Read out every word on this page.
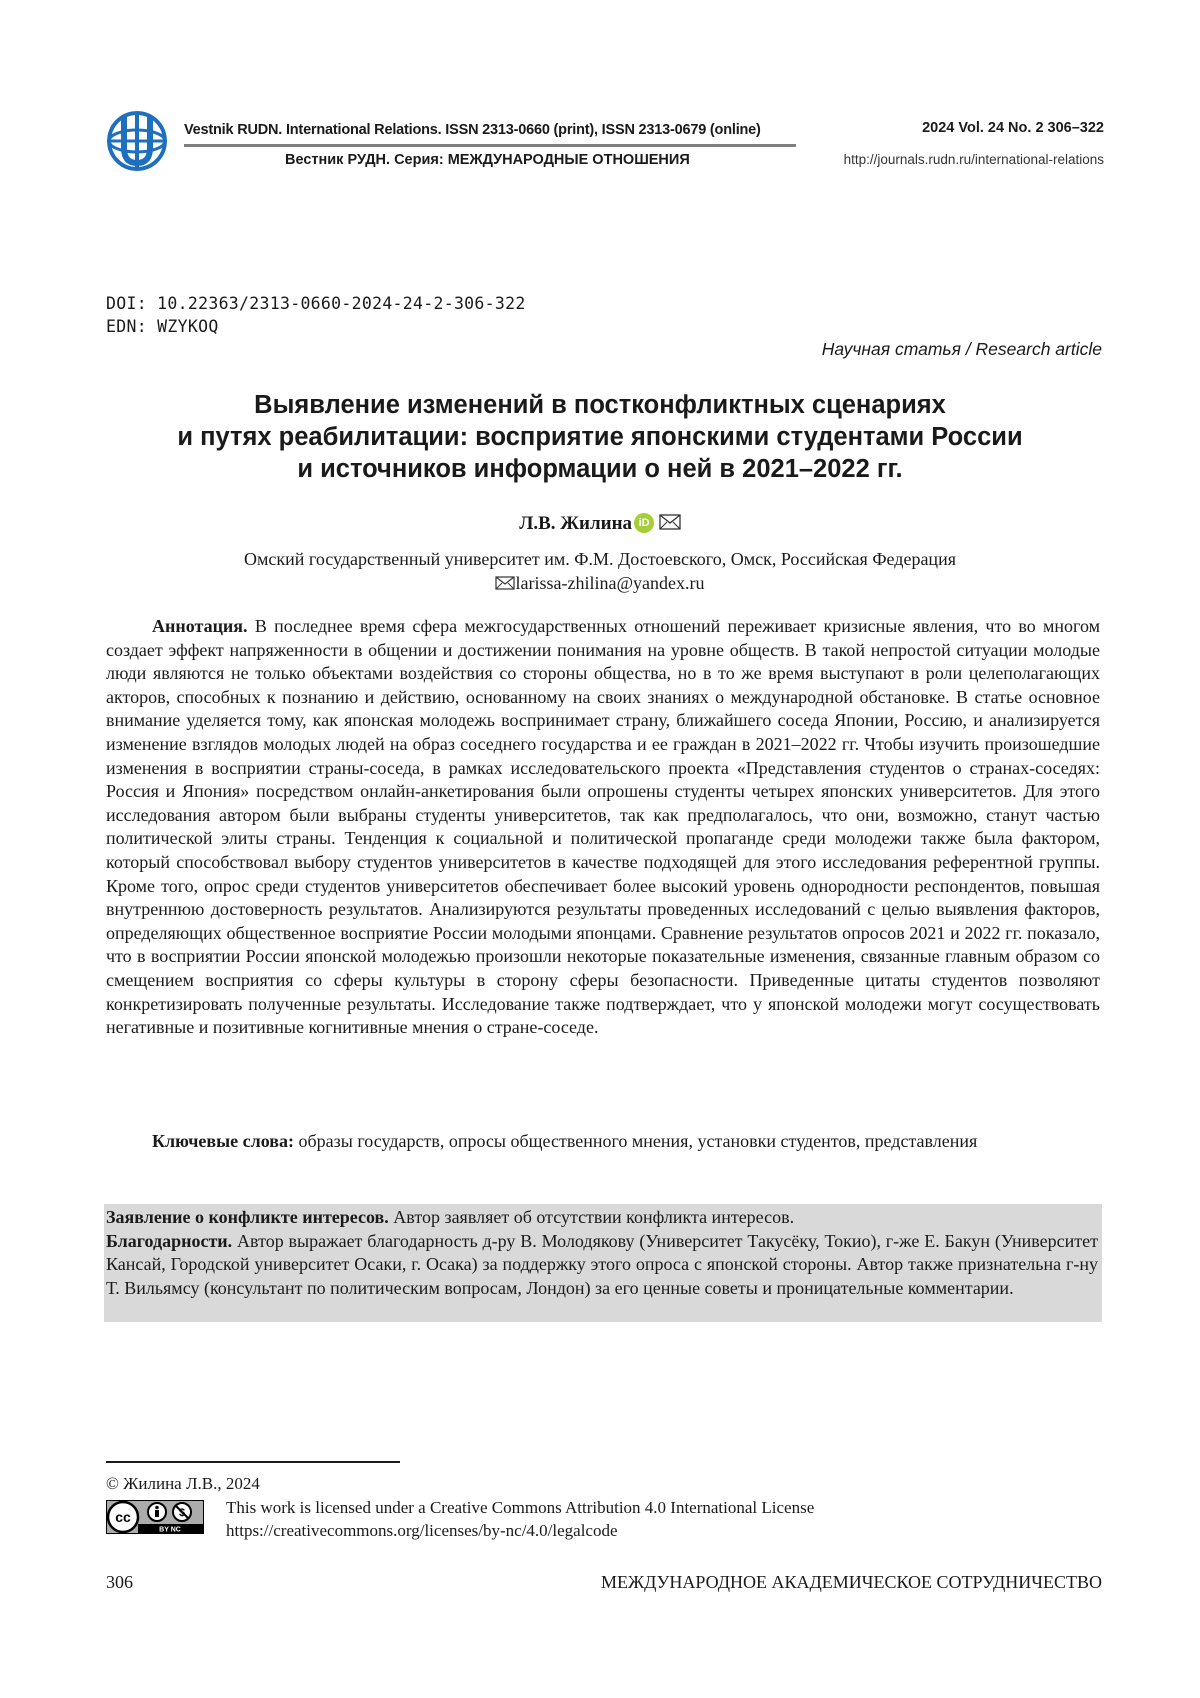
Vestnik RUDN. International Relations. ISSN 2313-0660 (print), ISSN 2313-0679 (online)
Вестник РУДН. Серия: МЕЖДУНАРОДНЫЕ ОТНОШЕНИЯ
2024 Vol. 24 No. 2 306–322
http://journals.rudn.ru/international-relations
DOI: 10.22363/2313-0660-2024-24-2-306-322
EDN: WZYKOQ
Научная статья / Research article
Выявление изменений в постконфликтных сценариях
и путях реабилитации: восприятие японскими студентами России
и источников информации о ней в 2021–2022 гг.
Л.В. Жилина iD
Омский государственный университет им. Ф.М. Достоевского, Омск, Российская Федерация
larissa-zhilina@yandex.ru

Аннотация. В последнее время сфера межгосударственных отношений переживает кризисные явления, что во многом создает эффект напряженности в общении и достижении понимания на уровне обществ. В такой непростой ситуации молодые люди являются не только объектами воздействия со стороны общества, но в то же время выступают в роли целеполагающих акторов, способных к познанию и действию, основанному на своих знаниях о международной обстановке. В статье основное внимание уделяется тому, как японская молодежь воспринимает страну, ближайшего соседа Японии, Россию, и анализируется изменение взглядов молодых людей на образ соседнего государства и ее граждан в 2021–2022 гг. Чтобы изучить произошедшие изменения в восприятии страны-соседа, в рамках исследовательского проекта «Представления студентов о странах-соседях: Россия и Япония» посредством онлайн-анкетирования были опрошены студенты четырех японских университетов. Для этого исследования автором были выбраны студенты университетов, так как предполагалось, что они, возможно, станут частью политической элиты страны. Тенденция к социальной и политической пропаганде среди молодежи также была фактором, который способствовал выбору студентов университетов в качестве подходящей для этого исследования референтной группы. Кроме того, опрос среди студентов университетов обеспечивает более высокий уровень однородности респондентов, повышая внутреннюю достоверность результатов. Анализируются результаты проведенных исследований с целью выявления факторов, определяющих общественное восприятие России молодыми японцами. Сравнение результатов опросов 2021 и 2022 гг. показало, что в восприятии России японской молодежью произошли некоторые показательные изменения, связанные главным образом со смещением восприятия со сферы культуры в сторону сферы безопасности. Приведенные цитаты студентов позволяют конкретизировать полученные результаты. Исследование также подтверждает, что у японской молодежи могут сосуществовать негативные и позитивные когнитивные мнения о стране-соседе.

Ключевые слова: образы государств, опросы общественного мнения, установки студентов, представления

Заявление о конфликте интересов. Автор заявляет об отсутствии конфликта интересов.
Благодарности. Автор выражает благодарность д-ру В. Молодякову (Университет Такусёку, Токио), г-же Е. Бакун (Университет Кансай, Городской университет Осаки, г. Осака) за поддержку этого опроса с японской стороны. Автор также признательна г-ну Т. Вильямсу (консультант по политическим вопросам, Лондон) за его ценные советы и проницательные комментарии.
© Жилина Л.В., 2024
cc
BY NC
This work is licensed under a Creative Commons Attribution 4.0 International License
https://creativecommons.org/licenses/by-nc/4.0/legalcode
306	МЕЖДУНАРОДНОЕ АКАДЕМИЧЕСКОЕ СОТРУДНИЧЕСТВО
